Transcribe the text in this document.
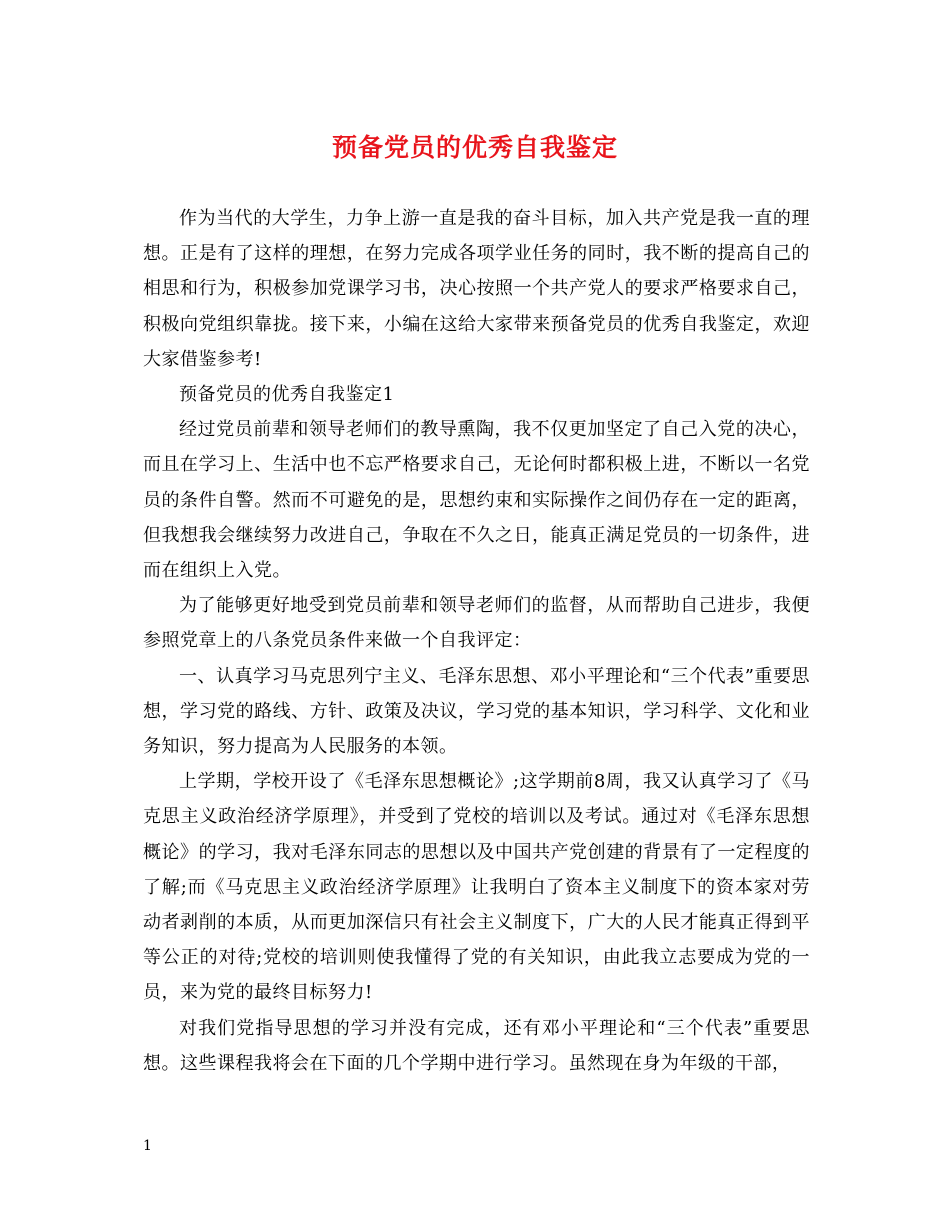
预备党员的优秀自我鉴定

作为当代的大学生，力争上游一直是我的奋斗目标，加入共产党是我一直的理想。正是有了这样的理想，在努力完成各项学业任务的同时，我不断的提高自己的相思和行为，积极参加党课学习书，决心按照一个共产党人的要求严格要求自己，积极向党组织靠拢。接下来，小编在这给大家带来预备党员的优秀自我鉴定，欢迎大家借鉴参考!

预备党员的优秀自我鉴定1

经过党员前辈和领导老师们的教导熏陶，我不仅更加坚定了自己入党的决心，而且在学习上、生活中也不忘严格要求自己，无论何时都积极上进，不断以一名党员的条件自警。然而不可避免的是，思想约束和实际操作之间仍存在一定的距离，但我想我会继续努力改进自己，争取在不久之日，能真正满足党员的一切条件，进而在组织上入党。

为了能够更好地受到党员前辈和领导老师们的监督，从而帮助自己进步，我便参照党章上的八条党员条件来做一个自我评定：

一、认真学习马克思列宁主义、毛泽东思想、邓小平理论和“三个代表”重要思想，学习党的路线、方针、政策及决议，学习党的基本知识，学习科学、文化和业务知识，努力提高为人民服务的本领。

上学期，学校开设了《毛泽东思想概论》;这学期前8周，我又认真学习了《马克思主义政治经济学原理》，并受到了党校的培训以及考试。通过对《毛泽东思想概论》的学习，我对毛泽东同志的思想以及中国共产党创建的背景有了一定程度的了解;而《马克思主义政治经济学原理》让我明白了资本主义制度下的资本家对劳动者剥削的本质，从而更加深信只有社会主义制度下，广大的人民才能真正得到平等公正的对待;党校的培训则使我懂得了党的有关知识，由此我立志要成为党的一员，来为党的最终目标努力!

对我们党指导思想的学习并没有完成，还有邓小平理论和“三个代表”重要思想。这些课程我将会在下面的几个学期中进行学习。虽然现在身为年级的干部，

1
